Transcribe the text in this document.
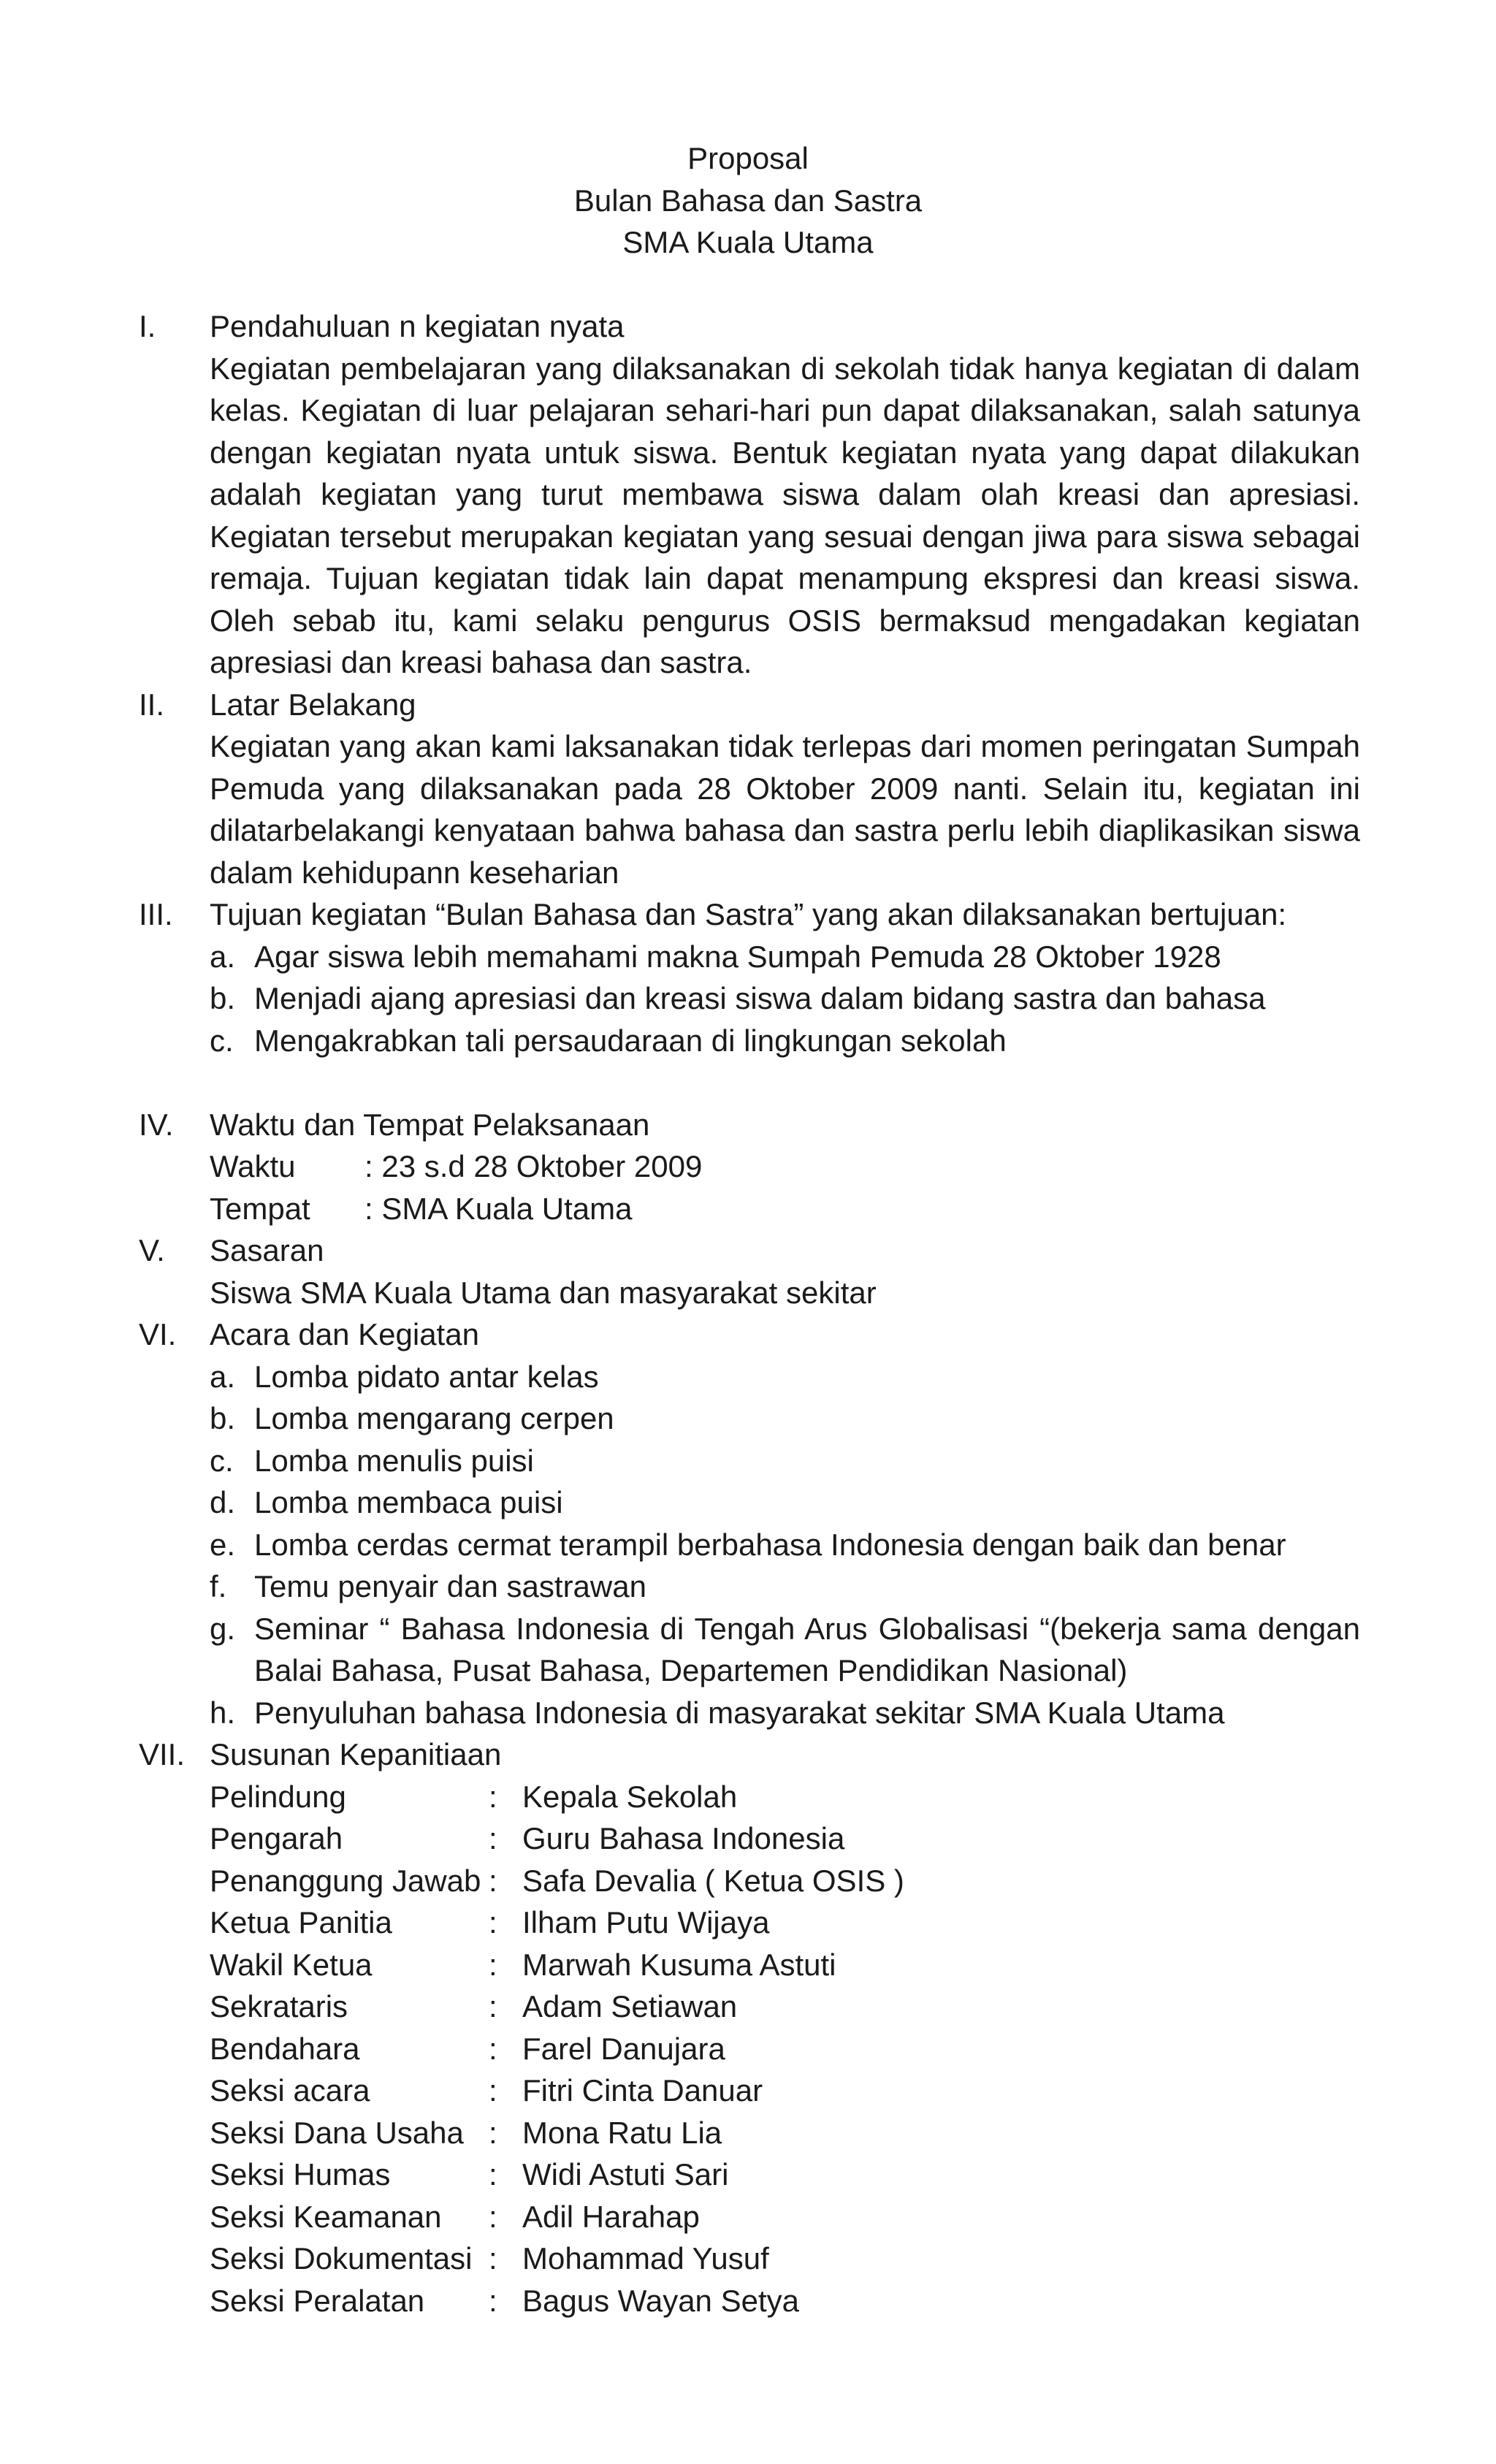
Proposal
Bulan Bahasa dan Sastra
SMA Kuala Utama
I. Pendahuluan n kegiatan nyata
Kegiatan pembelajaran yang dilaksanakan di sekolah tidak hanya kegiatan di dalam kelas. Kegiatan di luar pelajaran sehari-hari pun dapat dilaksanakan, salah satunya dengan kegiatan nyata untuk siswa. Bentuk kegiatan nyata yang dapat dilakukan adalah kegiatan yang turut membawa siswa dalam olah kreasi dan apresiasi. Kegiatan tersebut merupakan kegiatan yang sesuai dengan jiwa para siswa sebagai remaja. Tujuan kegiatan tidak lain dapat menampung ekspresi dan kreasi siswa. Oleh sebab itu, kami selaku pengurus OSIS bermaksud mengadakan kegiatan apresiasi dan kreasi bahasa dan sastra.
II. Latar Belakang
Kegiatan yang akan kami laksanakan tidak terlepas dari momen peringatan Sumpah Pemuda yang dilaksanakan pada 28 Oktober 2009 nanti. Selain itu, kegiatan ini dilatarbelakangi kenyataan bahwa bahasa dan sastra perlu lebih diaplikasikan siswa dalam kehidupann keseharian
III. Tujuan kegiatan “Bulan Bahasa dan Sastra” yang akan dilaksanakan bertujuan:
a. Agar siswa lebih memahami makna Sumpah Pemuda 28 Oktober 1928
b. Menjadi ajang apresiasi dan kreasi siswa dalam bidang sastra dan bahasa
c. Mengakrabkan tali persaudaraan di lingkungan sekolah
IV. Waktu dan Tempat Pelaksanaan
Waktu	: 23 s.d 28 Oktober 2009
Tempat	: SMA Kuala Utama
V. Sasaran
Siswa SMA Kuala Utama dan masyarakat sekitar
VI. Acara dan Kegiatan
a. Lomba pidato antar kelas
b. Lomba mengarang cerpen
c. Lomba menulis puisi
d. Lomba membaca puisi
e. Lomba cerdas cermat terampil berbahasa Indonesia dengan baik dan benar
f. Temu penyair dan sastrawan
g. Seminar “ Bahasa Indonesia di Tengah Arus Globalisasi “(bekerja sama dengan Balai Bahasa, Pusat Bahasa, Departemen Pendidikan Nasional)
h. Penyuluhan bahasa Indonesia di masyarakat sekitar SMA Kuala Utama
VII. Susunan Kepanitiaan
Pelindung	: Kepala Sekolah
Pengarah	: Guru Bahasa Indonesia
Penanggung Jawab : Safa Devalia ( Ketua OSIS )
Ketua Panitia	: Ilham Putu Wijaya
Wakil Ketua	: Marwah Kusuma Astuti
Sekrataris	: Adam Setiawan
Bendahara	: Farel Danujara
Seksi acara	: Fitri Cinta Danuar
Seksi Dana Usaha : Mona Ratu Lia
Seksi Humas	: Widi Astuti Sari
Seksi Keamanan	: Adil Harahap
Seksi Dokumentasi : Mohammad Yusuf
Seksi Peralatan	: Bagus Wayan Setya
